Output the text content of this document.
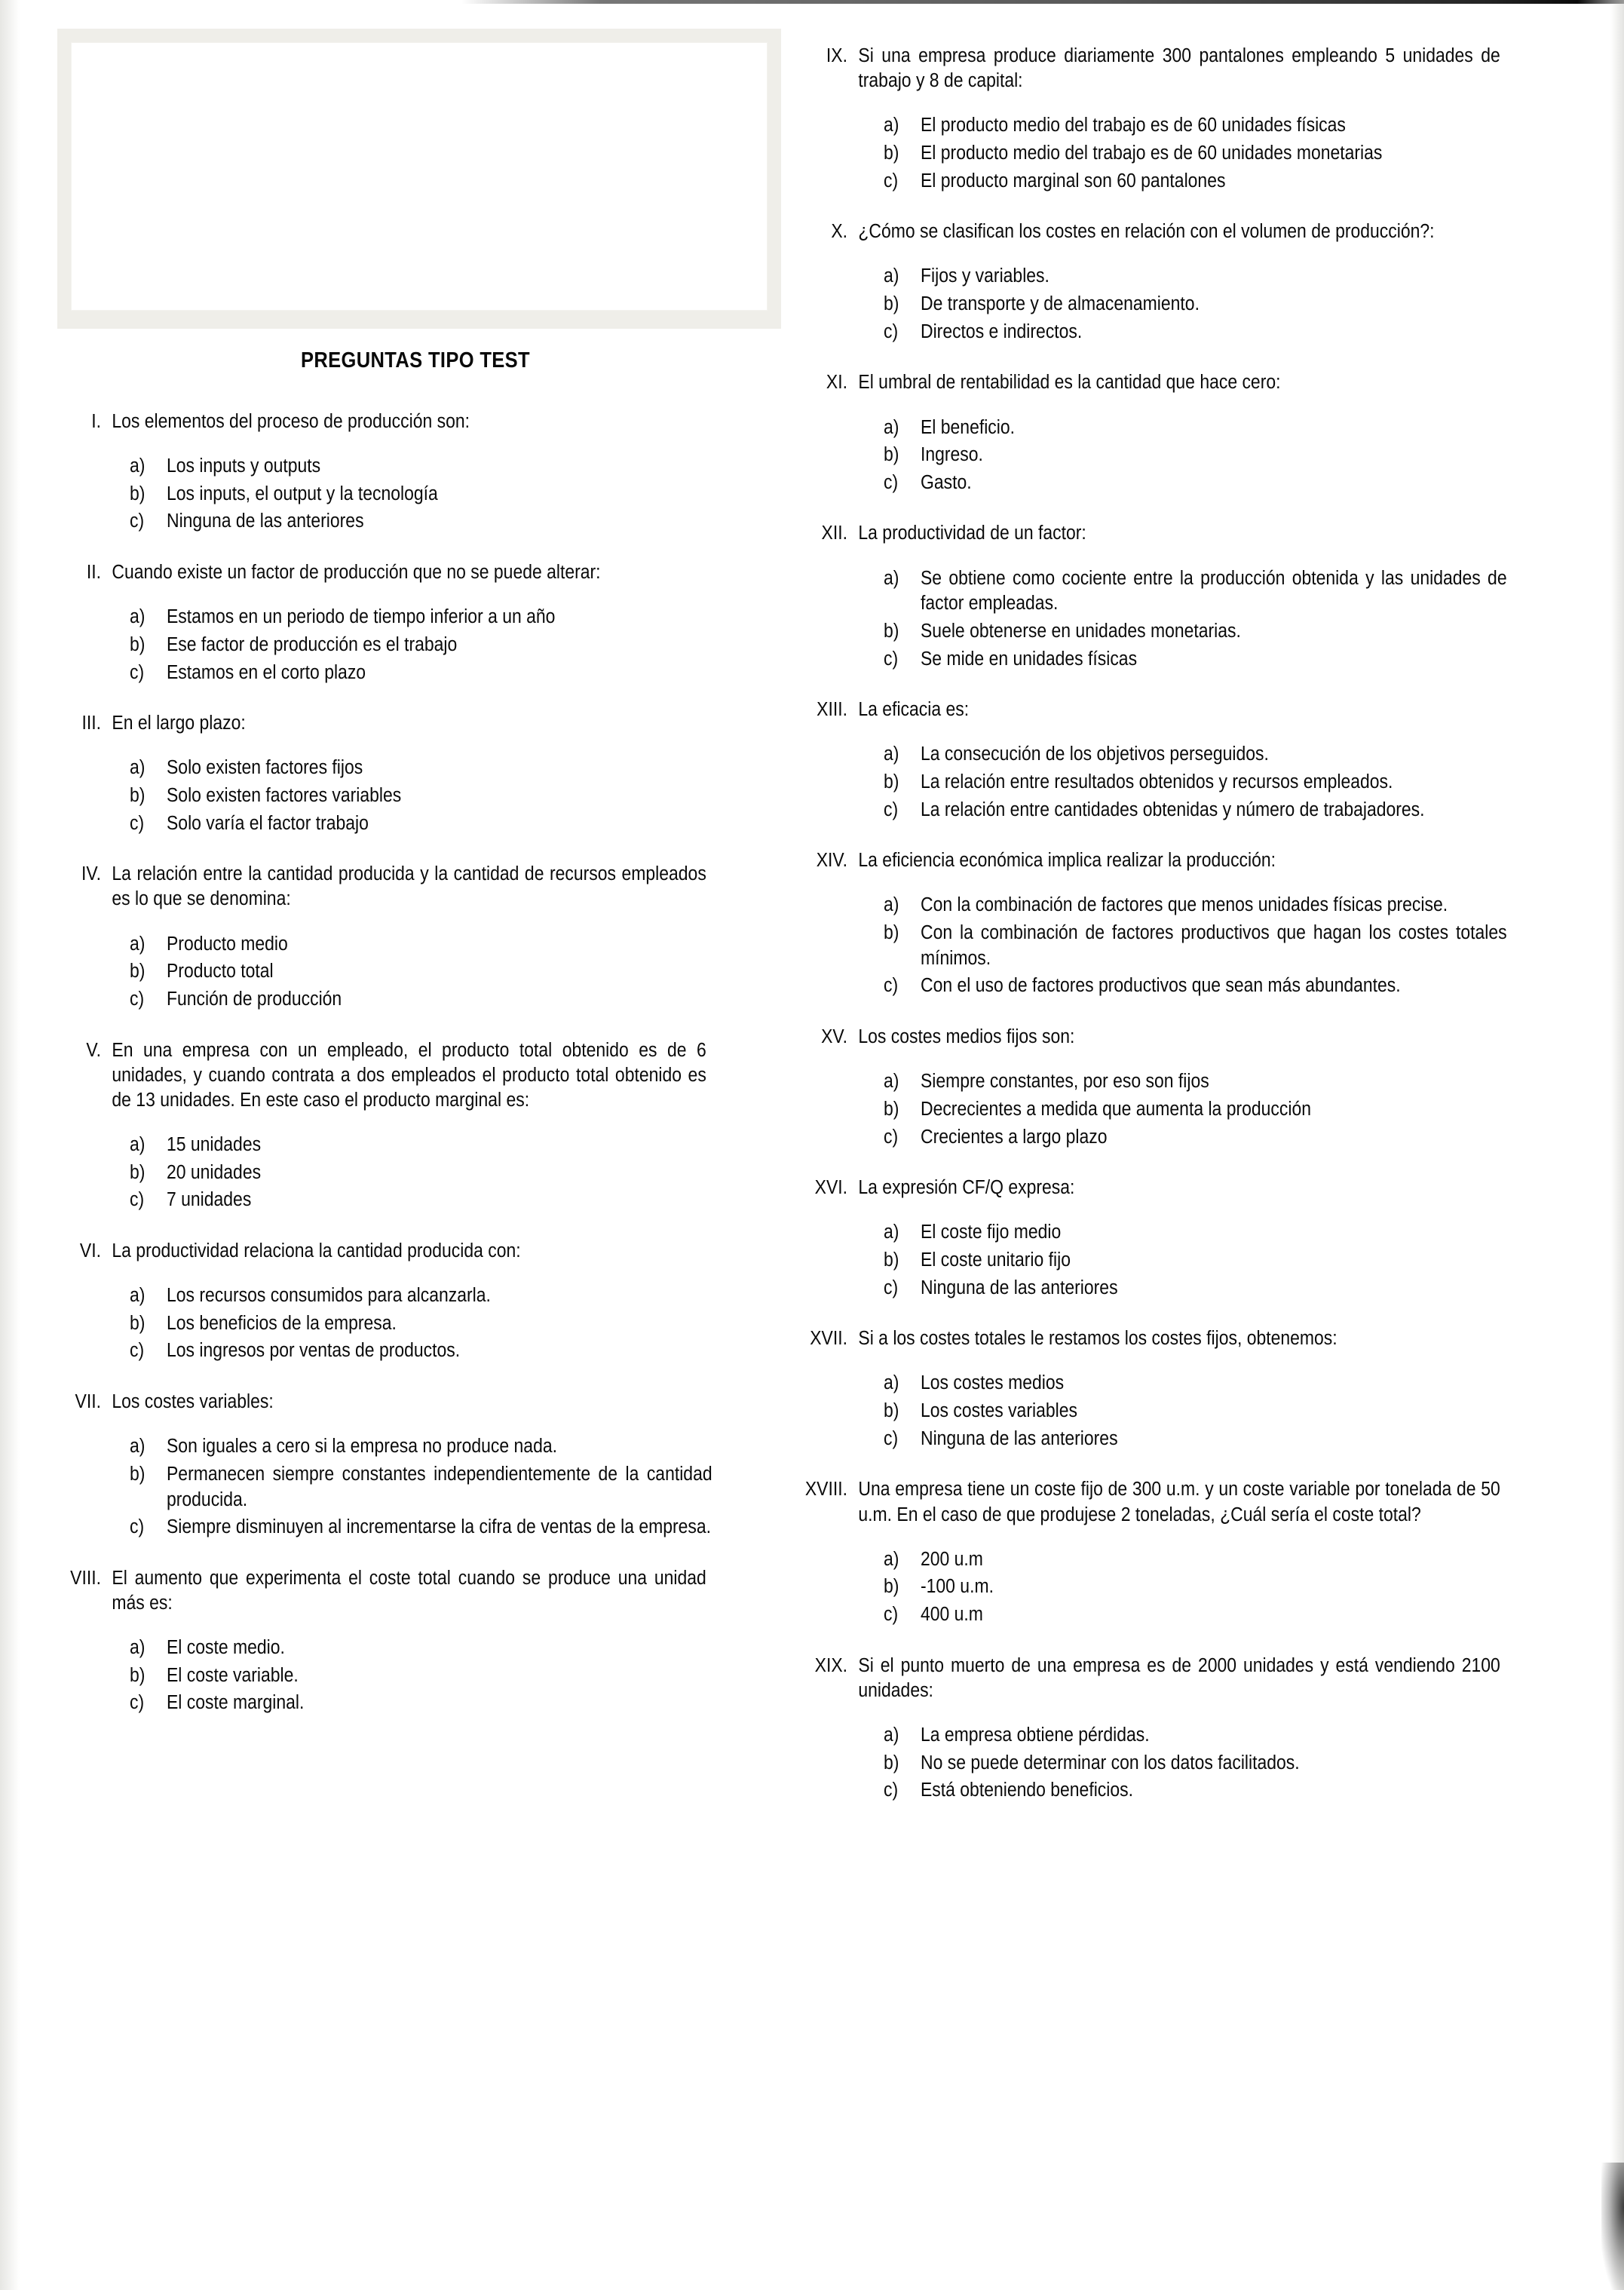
PREGUNTAS TIPO TEST
I. Los elementos del proceso de producción son:
a)	Los inputs y outputs
b)	Los inputs, el output y la tecnología
c)	Ninguna de las anteriores
II. Cuando existe un factor de producción que no se puede alterar:
a)	Estamos en un periodo de tiempo inferior a un año
b)	Ese factor de producción es el trabajo
c)	Estamos en el corto plazo
III. En el largo plazo:
a)	Solo existen factores fijos
b)	Solo existen factores variables
c)	Solo varía el factor trabajo
IV. La relación entre la cantidad producida y la cantidad de recursos empleados es lo que se denomina:
a)	Producto medio
b)	Producto total
c)	Función de producción
V. En una empresa con un empleado, el producto total obtenido es de 6 unidades, y cuando contrata a dos empleados el producto total obtenido es de 13 unidades. En este caso el producto marginal es:
a)	15 unidades
b)	20 unidades
c)	7 unidades
VI. La productividad relaciona la cantidad producida con:
a)	Los recursos consumidos para alcanzarla.
b)	Los beneficios de la empresa.
c)	Los ingresos por ventas de productos.
VII. Los costes variables:
a)	Son iguales a cero si la empresa no produce nada.
b)	Permanecen siempre constantes independientemente de la cantidad producida.
c)	Siempre disminuyen al incrementarse la cifra de ventas de la empresa.
VIII. El aumento que experimenta el coste total cuando se produce una unidad más es:
a)	El coste medio.
b)	El coste variable.
c)	El coste marginal.
IX. Si una empresa produce diariamente 300 pantalones empleando 5 unidades de trabajo y 8 de capital:
a)	El producto medio del trabajo es de 60 unidades físicas
b)	El producto medio del trabajo es de 60 unidades monetarias
c)	El producto marginal son 60 pantalones
X. ¿Cómo se clasifican los costes en relación con el volumen de producción?:
a)	Fijos y variables.
b)	De transporte y de almacenamiento.
c)	Directos e indirectos.
XI. El umbral de rentabilidad es la cantidad que hace cero:
a)	El beneficio.
b)	Ingreso.
c)	Gasto.
XII. La productividad de un factor:
a)	Se obtiene como cociente entre la producción obtenida y las unidades de factor empleadas.
b)	Suele obtenerse en unidades monetarias.
c)	Se mide en unidades físicas
XIII. La eficacia es:
a)	La consecución de los objetivos perseguidos.
b)	La relación entre resultados obtenidos y recursos empleados.
c)	La relación entre cantidades obtenidas y número de trabajadores.
XIV. La eficiencia económica implica realizar la producción:
a)	Con la combinación de factores que menos unidades físicas precise.
b)	Con la combinación de factores productivos que hagan los costes totales mínimos.
c)	Con el uso de factores productivos que sean más abundantes.
XV. Los costes medios fijos son:
a)	Siempre constantes, por eso son fijos
b)	Decrecientes a medida que aumenta la producción
c)	Crecientes a largo plazo
XVI. La expresión CF/Q expresa:
a)	El coste fijo medio
b)	El coste unitario fijo
c)	Ninguna de las anteriores
XVII. Si a los costes totales le restamos los costes fijos, obtenemos:
a)	Los costes medios
b)	Los costes variables
c)	Ninguna de las anteriores
XVIII. Una empresa tiene un coste fijo de 300 u.m. y un coste variable por tonelada de 50 u.m. En el caso de que produjese 2 toneladas, ¿Cuál sería el coste total?
a)	200 u.m
b)	-100 u.m.
c)	400 u.m
XIX. Si el punto muerto de una empresa es de 2000 unidades y está vendiendo 2100 unidades:
a)	La empresa obtiene pérdidas.
b)	No se puede determinar con los datos facilitados.
c)	Está obteniendo beneficios.
